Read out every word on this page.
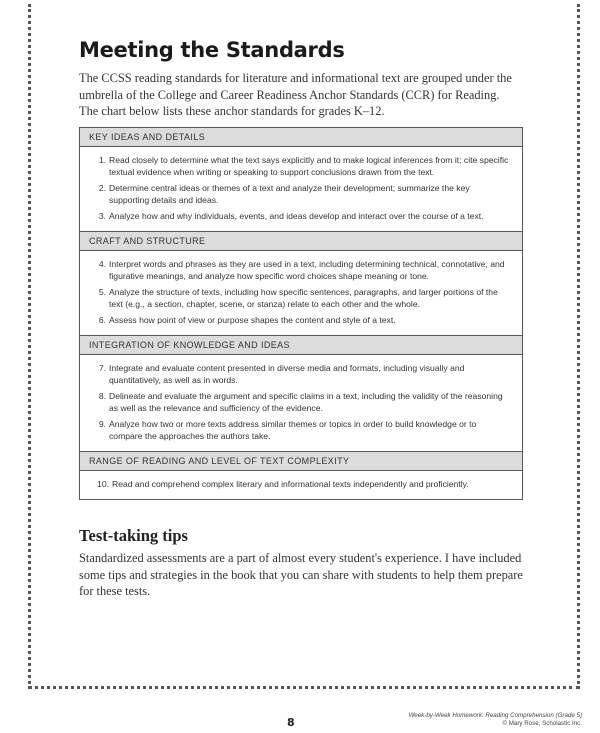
Meeting the Standards

The CCSS reading standards for literature and informational text are grouped under the umbrella of the College and Career Readiness Anchor Standards (CCR) for Reading. The chart below lists these anchor standards for grades K–12.

KEY IDEAS AND DETAILS
1. Read closely to determine what the text says explicitly and to make logical inferences from it; cite specific textual evidence when writing or speaking to support conclusions drawn from the text.
2. Determine central ideas or themes of a text and analyze their development; summarize the key supporting details and ideas.
3. Analyze how and why individuals, events, and ideas develop and interact over the course of a text.
CRAFT AND STRUCTURE
4. Interpret words and phrases as they are used in a text, including determining technical, connotative, and figurative meanings, and analyze how specific word choices shape meaning or tone.
5. Analyze the structure of texts, including how specific sentences, paragraphs, and larger portions of the text (e.g., a section, chapter, scene, or stanza) relate to each other and the whole.
6. Assess how point of view or purpose shapes the content and style of a text.
INTEGRATION OF KNOWLEDGE AND IDEAS
7. Integrate and evaluate content presented in diverse media and formats, including visually and quantitatively, as well as in words.
8. Delineate and evaluate the argument and specific claims in a text, including the validity of the reasoning as well as the relevance and sufficiency of the evidence.
9. Analyze how two or more texts address similar themes or topics in order to build knowledge or to compare the approaches the authors take.
RANGE OF READING AND LEVEL OF TEXT COMPLEXITY
10. Read and comprehend complex literary and informational texts independently and proficiently.
Test-taking tips

Standardized assessments are a part of almost every student's experience. I have included some tips and strategies in the book that you can share with students to help them prepare for these tests.

8
Week-by-Week Homework: Reading Comprehension (Grade 5)
© Mary Rose, Scholastic Inc.
